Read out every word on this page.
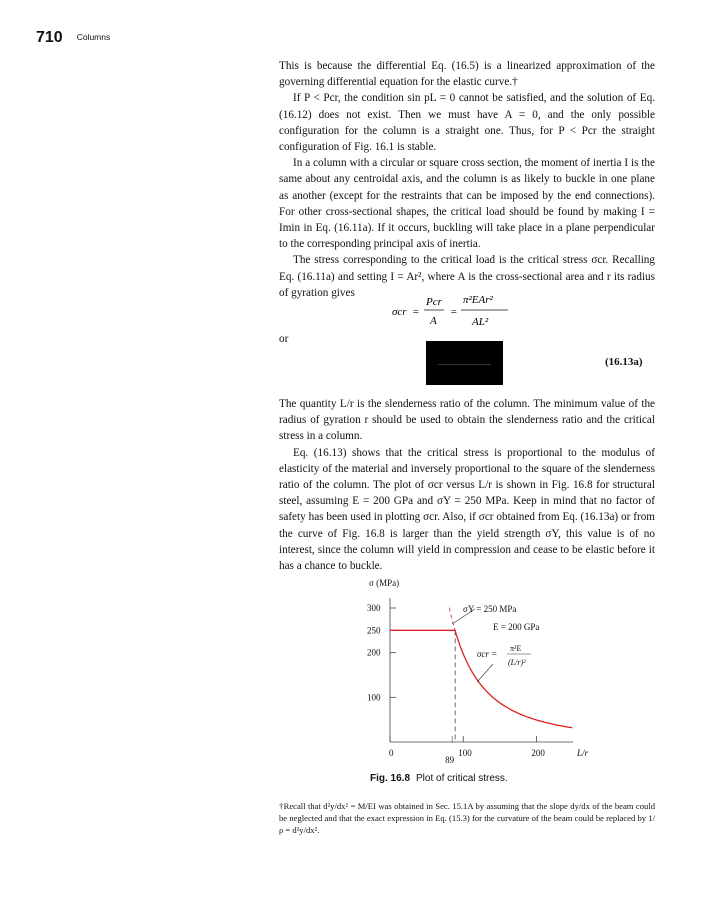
710 Columns

This is because the differential Eq. (16.5) is a linearized approximation of the governing differential equation for the elastic curve.†

If P < Pcr, the condition sin pL = 0 cannot be satisfied, and the solution of Eq. (16.12) does not exist. Then we must have A = 0, and the only possible configuration for the column is a straight one. Thus, for P < Pcr the straight configuration of Fig. 16.1 is stable.

In a column with a circular or square cross section, the moment of inertia I is the same about any centroidal axis, and the column is as likely to buckle in one plane as another (except for the restraints that can be imposed by the end connections). For other cross-sectional shapes, the critical load should be found by making I = Imin in Eq. (16.11a). If it occurs, buckling will take place in a plane perpendicular to the corresponding principal axis of inertia.

The stress corresponding to the critical load is the critical stress σcr. Recalling Eq. (16.11a) and setting I = Ar², where A is the cross-sectional area and r its radius of gyration gives

σcr =
Pcr
A
=
π²EAr²
AL²
or
(16.13a)

The quantity L/r is the slenderness ratio of the column. The minimum value of the radius of gyration r should be used to obtain the slenderness ratio and the critical stress in a column.

Eq. (16.13) shows that the critical stress is proportional to the modulus of elasticity of the material and inversely proportional to the square of the slenderness ratio of the column. The plot of σcr versus L/r is shown in Fig. 16.8 for structural steel, assuming E = 200 GPa and σY = 250 MPa. Keep in mind that no factor of safety has been used in plotting σcr. Also, if σcr obtained from Eq. (16.13a) or from the curve of Fig. 16.8 is larger than the yield strength σY, this value is of no interest, since the column will yield in compression and cease to be elastic before it has a chance to buckle.

σ (MPa)
300
250
200
100
0	100	200
89
L/r
σY = 250 MPa
E = 200 GPa
σcr =
π²E
(L/r)²
Fig. 16.8 Plot of critical stress.
†Recall that d²y/dx² = M/EI was obtained in Sec. 15.1A by assuming that the slope dy/dx of the beam could be neglected and that the exact expression in Eq. (15.3) for the curvature of the beam could be replaced by 1/ρ = d²y/dx².
